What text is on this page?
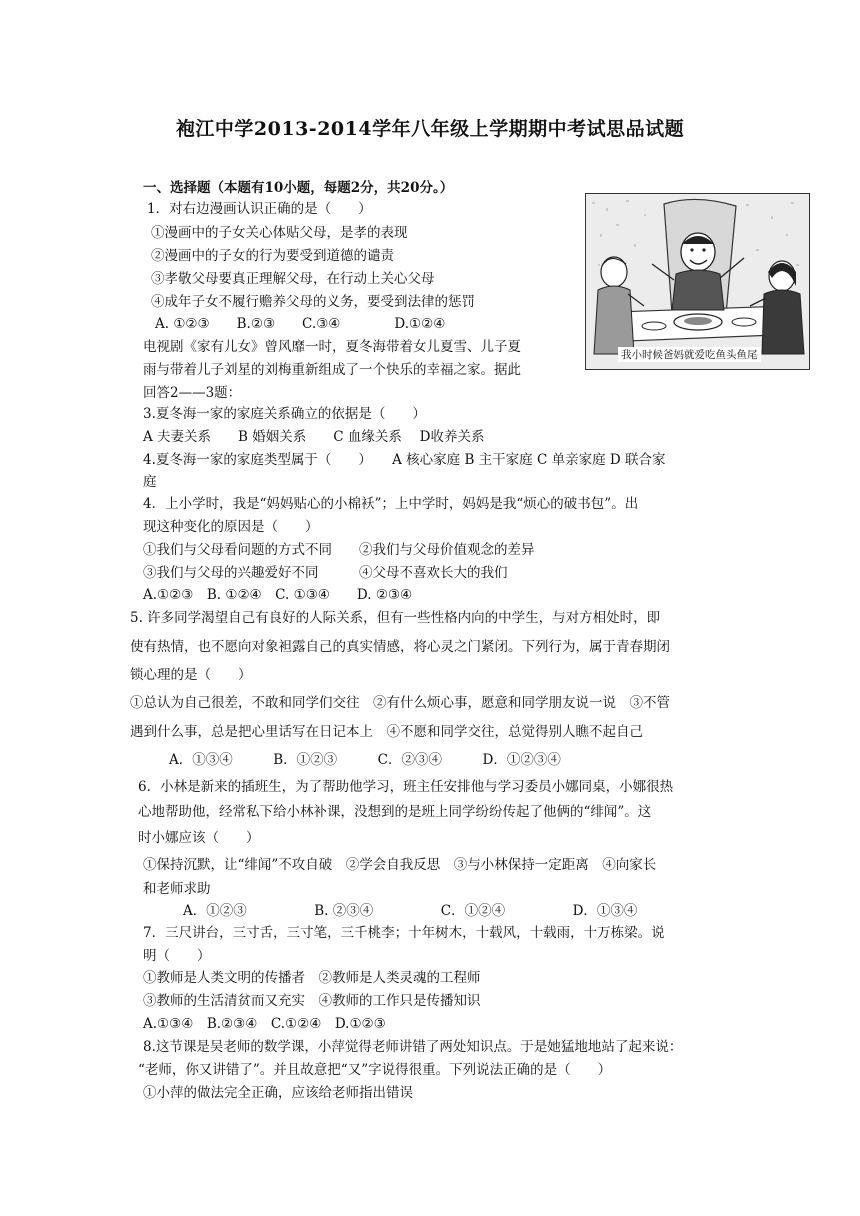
袍江中学2013-2014学年八年级上学期期中考试思品试题
一、选择题（本题有10小题，每题2分，共20分。）
我小时候爸妈就爱吃鱼头鱼尾
1．对右边漫画认识正确的是（　　）
①漫画中的子女关心体贴父母，是孝的表现
②漫画中的子女的行为要受到道德的谴责
③孝敬父母要真正理解父母，在行动上关心父母
④成年子女不履行赡养父母的义务，要受到法律的惩罚
A. ①②③　　B.②③　　C.③④　　　　D.①②④
电视剧《家有儿女》曾风靡一时，夏冬海带着女儿夏雪、儿子夏
雨与带着儿子刘星的刘梅重新组成了一个快乐的幸福之家。据此
回答2——3题：
3.夏冬海一家的家庭关系确立的依据是（　　）
A 夫妻关系　　B 婚姻关系　　C 血缘关系　 D收养关系
4.夏冬海一家的家庭类型属于（　　）　　A 核心家庭 B 主干家庭 C 单亲家庭 D 联合家
庭
4．上小学时，我是“妈妈贴心的小棉袄”；上中学时，妈妈是我“烦心的破书包”。出
现这种变化的原因是（　　）
①我们与父母看问题的方式不同　　②我们与父母价值观念的差异
③我们与父母的兴趣爱好不同　　　④父母不喜欢长大的我们
A.①②③　B. ①②④　C. ①③④　　D. ②③④
5. 许多同学渴望自己有良好的人际关系，但有一些性格内向的中学生，与对方相处时，即
使有热情，也不愿向对象袒露自己的真实情感，将心灵之门紧闭。下列行为，属于青春期闭
锁心理的是（　　）
①总认为自己很差，不敢和同学们交往　②有什么烦心事，愿意和同学朋友说一说　③不管
遇到什么事，总是把心里话写在日记本上　④不愿和同学交往，总觉得别人瞧不起自己
A．①③④　　　B．①②③　　　C．②③④　　　D．①②③④
6．小林是新来的插班生，为了帮助他学习，班主任安排他与学习委员小娜同桌，小娜很热
心地帮助他，经常私下给小林补课，没想到的是班上同学纷纷传起了他俩的“绯闻”。这
时小娜应该（　　）
①保持沉默，让“绯闻”不攻自破　②学会自我反思　③与小林保持一定距离　④向家长
和老师求助
A．①②③　　　　　B. ②③④　　　　　C．①②④　　　　　D．①③④
7．三尺讲台，三寸舌，三寸笔，三千桃李；十年树木，十载风，十载雨，十万栋梁。说
明（　　）
①教师是人类文明的传播者　②教师是人类灵魂的工程师
③教师的生活清贫而又充实　④教师的工作只是传播知识
A.①③④　B.②③④　C.①②④　D.①②③
8.这节课是吴老师的数学课，小萍觉得老师讲错了两处知识点。于是她猛地地站了起来说：
“老师，你又讲错了”。并且故意把“又”字说得很重。下列说法正确的是（　　）
①小萍的做法完全正确，应该给老师指出错误
